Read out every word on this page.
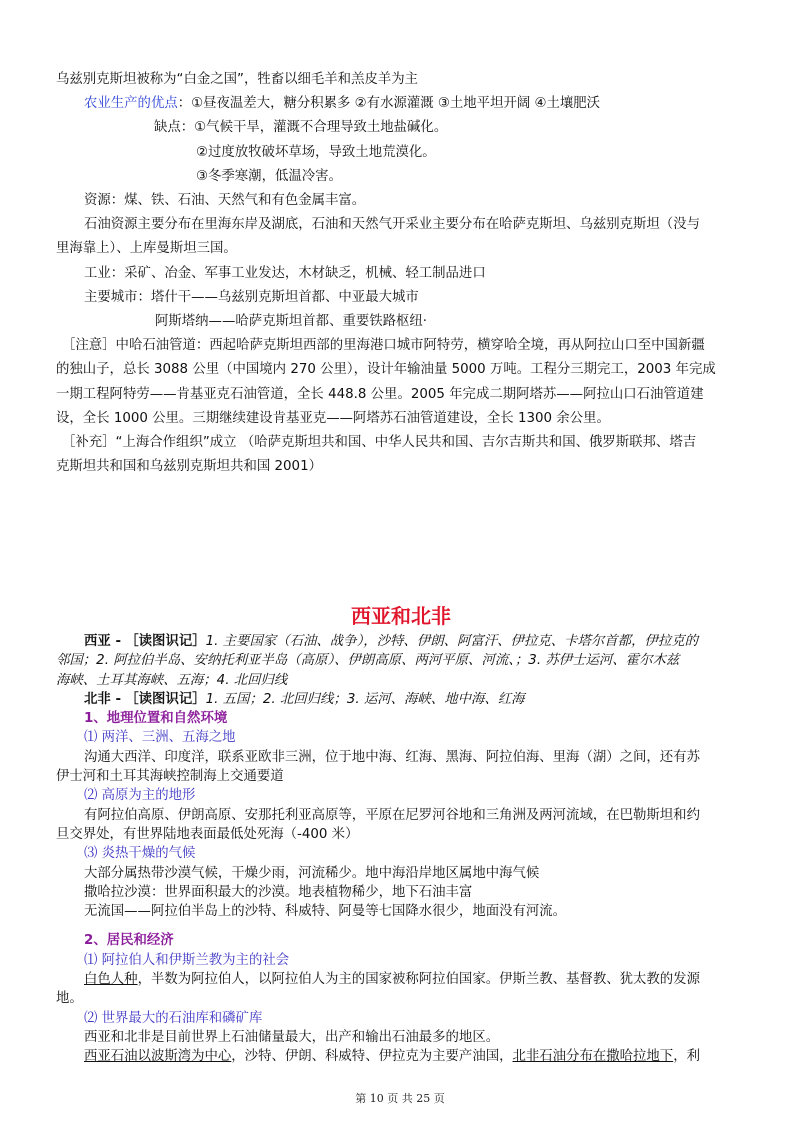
乌兹别克斯坦被称为“白金之国”，牲畜以细毛羊和羔皮羊为主

农业生产的优点：①昼夜温差大，糖分积累多 ②有水源灌溉 ③土地平坦开阔 ④土壤肥沃

缺点：①气候干旱，灌溉不合理导致土地盐碱化。

②过度放牧破坏草场，导致土地荒漠化。

③冬季寒潮，低温冷害。

资源：煤、铁、石油、天然气和有色金属丰富。

石油资源主要分布在里海东岸及湖底，石油和天然气开采业主要分布在哈萨克斯坦、乌兹别克斯坦（没与

里海靠上）、上库曼斯坦三国。

工业：采矿、冶金、军事工业发达，木材缺乏，机械、轻工制品进口

主要城市：塔什干——乌兹别克斯坦首都、中亚最大城市

阿斯塔纳——哈萨克斯坦首都、重要铁路枢纽·

［注意］中哈石油管道：西起哈萨克斯坦西部的里海港口城市阿特劳，横穿哈全境，再从阿拉山口至中国新疆

的独山子，总长 3088 公里（中国境内 270 公里），设计年输油量 5000 万吨。工程分三期完工，2003 年完成

一期工程阿特劳——肯基亚克石油管道，全长 448.8 公里。2005 年完成二期阿塔苏——阿拉山口石油管道建

设，全长 1000 公里。三期继续建设肯基亚克——阿塔苏石油管道建设，全长 1300 余公里。

［补充］“上海合作组织”成立 （哈萨克斯坦共和国、中华人民共和国、吉尔吉斯共和国、俄罗斯联邦、塔吉

克斯坦共和国和乌兹别克斯坦共和国 2001）

西亚和北非

西亚 - ［读图识记］1. 主要国家（石油、战争），沙特、伊朗、阿富汗、伊拉克、卡塔尔首都，伊拉克的

邻国；2. 阿拉伯半岛、安纳托利亚半岛（高原）、伊朗高原、两河平原、河流、；3. 苏伊士运河、霍尔木兹

海峡、土耳其海峡、五海；4. 北回归线

北非 - ［读图识记］1. 五国；2. 北回归线；3. 运河、海峡、地中海、红海

1、地理位置和自然环境

⑴ 两洋、三洲、五海之地

沟通大西洋、印度洋，联系亚欧非三洲，位于地中海、红海、黑海、阿拉伯海、里海（湖）之间，还有苏

伊士河和土耳其海峡控制海上交通要道

⑵ 高原为主的地形

有阿拉伯高原、伊朗高原、安那托利亚高原等，平原在尼罗河谷地和三角洲及两河流域，在巴勒斯坦和约

旦交界处，有世界陆地表面最低处死海（-400 米）

⑶ 炎热干燥的气候

大部分属热带沙漠气候，干燥少雨，河流稀少。地中海沿岸地区属地中海气候

撒哈拉沙漠：世界面积最大的沙漠。地表植物稀少，地下石油丰富

无流国——阿拉伯半岛上的沙特、科威特、阿曼等七国降水很少，地面没有河流。

2、居民和经济

⑴ 阿拉伯人和伊斯兰教为主的社会

白色人种，半数为阿拉伯人，以阿拉伯人为主的国家被称阿拉伯国家。伊斯兰教、基督教、犹太教的发源

地。

⑵ 世界最大的石油库和磷矿库

西亚和北非是目前世界上石油储量最大，出产和输出石油最多的地区。

西亚石油以波斯湾为中心，沙特、伊朗、科威特、伊拉克为主要产油国，北非石油分布在撒哈拉地下，利

第 10 页 共 25 页
